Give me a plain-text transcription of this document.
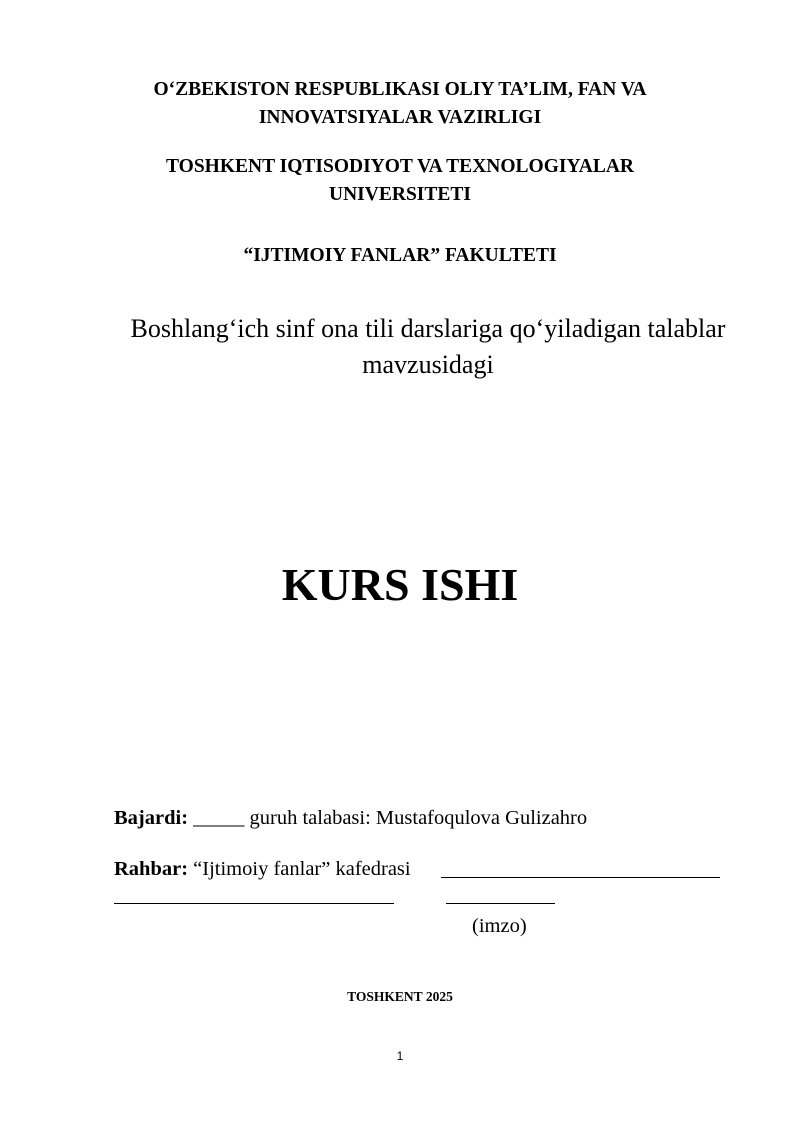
O‘ZBEKISTON RESPUBLIKASI OLIY TA’LIM, FAN VA
INNOVATSIYALAR VAZIRLIGI
TOSHKENT IQTISODIYOT VA TEXNOLOGIYALAR
UNIVERSITETI
“IJTIMOIY FANLAR” FAKULTETI
Boshlang‘ich sinf ona tili darslariga qo‘yiladigan talablar
mavzusidagi
KURS ISHI
Bajardi: _____ guruh talabasi: Mustafoqulova Gulizahro
Rahbar: “Ijtimoiy fanlar” kafedrasi
(imzo)
TOSHKENT 2025
1
